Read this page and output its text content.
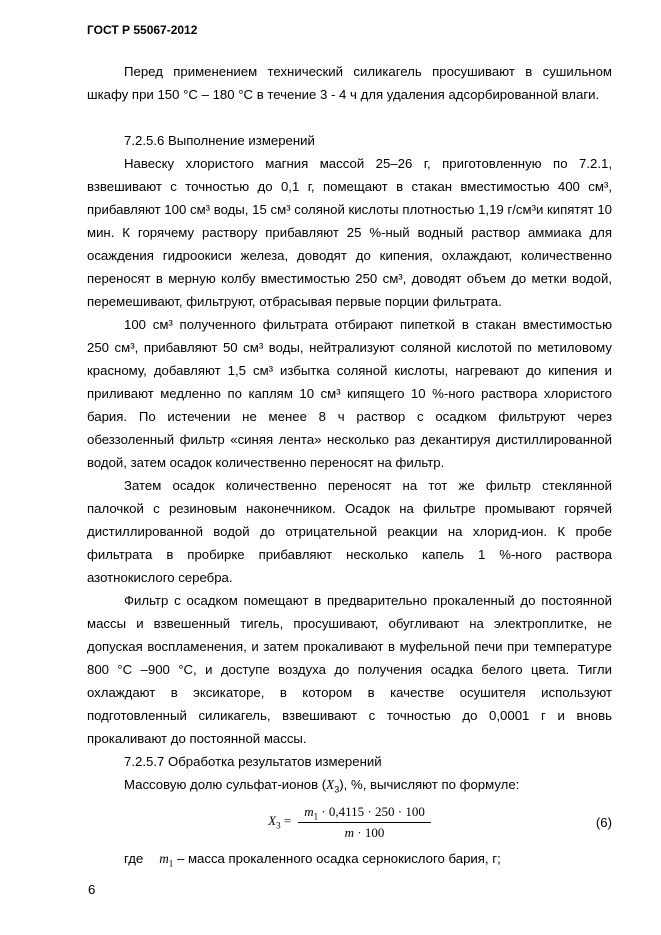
ГОСТ Р 55067-2012

Перед применением технический силикагель просушивают в сушильном шкафу при 150 °С – 180 °С в течение 3 - 4 ч для удаления адсорбированной влаги.

7.2.5.6 Выполнение измерений

Навеску хлористого магния массой 25–26 г, приготовленную по 7.2.1, взвешивают с точностью до 0,1 г, помещают в стакан вместимостью 400 см³, прибавляют 100 см³ воды, 15 см³ соляной кислоты плотностью 1,19 г/см³и кипятят 10 мин. К горячему раствору прибавляют 25 %-ный водный раствор аммиака для осаждения гидроокиси железа, доводят до кипения, охлаждают, количественно переносят в мерную колбу вместимостью 250 см³, доводят объем до метки водой, перемешивают, фильтруют, отбрасывая первые порции фильтрата.

100 см³ полученного фильтрата отбирают пипеткой в стакан вместимостью 250 см³, прибавляют 50 см³ воды, нейтрализуют соляной кислотой по метиловому красному, добавляют 1,5 см³ избытка соляной кислоты, нагревают до кипения и приливают медленно по каплям 10 см³ кипящего 10 %-ного раствора хлористого бария. По истечении не менее 8 ч раствор с осадком фильтруют через обеззоленный фильтр «синяя лента» несколько раз декантируя дистиллированной водой, затем осадок количественно переносят на фильтр.

Затем осадок количественно переносят на тот же фильтр стеклянной палочкой с резиновым наконечником. Осадок на фильтре промывают горячей дистиллированной водой до отрицательной реакции на хлорид-ион. К пробе фильтрата в пробирке прибавляют несколько капель 1 %-ного раствора азотнокислого серебра.

Фильтр с осадком помещают в предварительно прокаленный до постоянной массы и взвешенный тигель, просушивают, обугливают на электроплитке, не допуская воспламенения, и затем прокаливают в муфельной печи при температуре 800 °С –900 °С, и доступе воздуха до получения осадка белого цвета. Тигли охлаждают в эксикаторе, в котором в качестве осушителя используют подготовленный силикагель, взвешивают с точностью до 0,0001 г и вновь прокаливают до постоянной массы.

7.2.5.7 Обработка результатов измерений

Массовую долю сульфат-ионов $(X_3)$, %, вычисляют по формуле:

$X_3 = \frac{m_1 \cdot 0,4115 \cdot 250 \cdot 100}{m \cdot 100}$	(6)

где $m_1$ – масса прокаленного осадка сернокислого бария, г;

6
